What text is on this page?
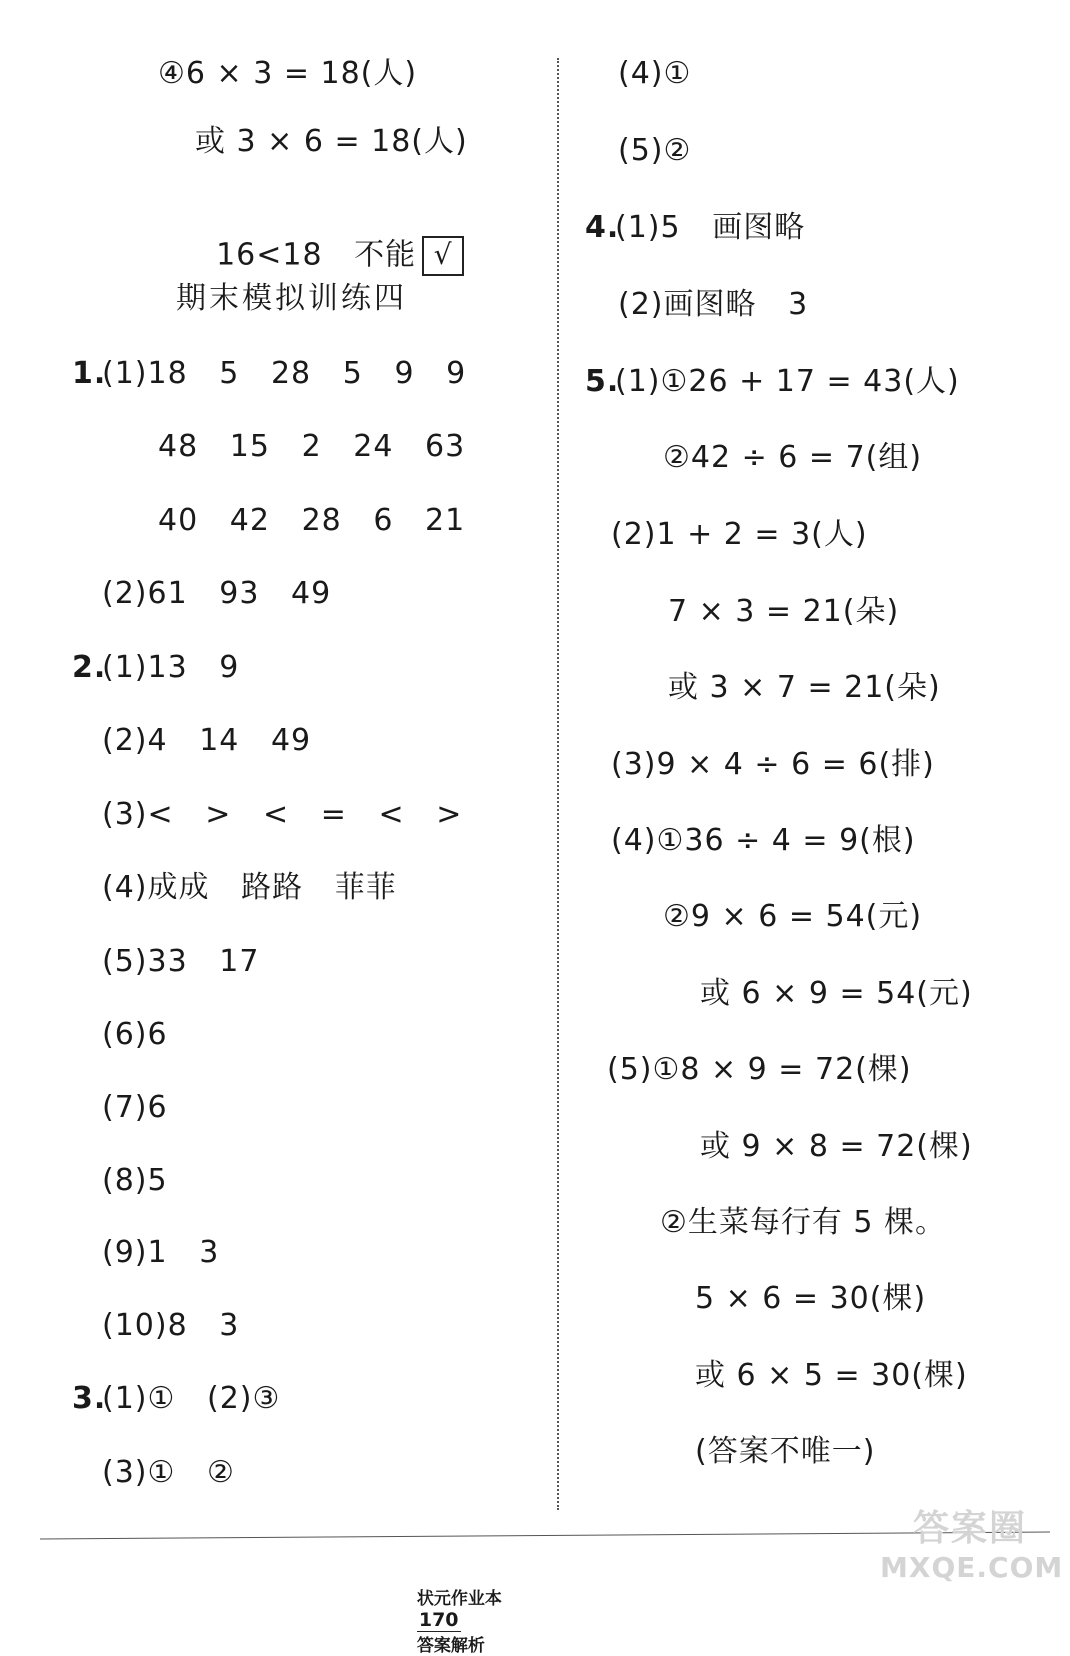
④6 × 3 = 18(人)
或 3 × 6 = 18(人)

16<18   不能 √

期末模拟训练四
1.
(1)18   5   28   5   9   9
48   15   2   24   63
40   42   28   6   21
(2)61   93   49
2.
(1)13   9
(2)4   14   49
(3)<   >   <   =   <   >
(4)成成   路路   菲菲
(5)33   17
(6)6
(7)6
(8)5
(9)1   3
(10)8   3
3.
(1)①   (2)③
(3)①   ②
(4)①
(5)②
4.
(1)5   画图略
(2)画图略   3
5.
(1)①26 + 17 = 43(人)
②42 ÷ 6 = 7(组)
(2)1 + 2 = 3(人)
7 × 3 = 21(朵)
或 3 × 7 = 21(朵)
(3)9 × 4 ÷ 6 = 6(排)
(4)①36 ÷ 4 = 9(根)
②9 × 6 = 54(元)
或 6 × 9 = 54(元)
(5)①8 × 9 = 72(棵)
或 9 × 8 = 72(棵)
②生菜每行有 5 棵。
5 × 6 = 30(棵)
或 6 × 5 = 30(棵)
(答案不唯一)

状元作业本
170
答案解析

答案圈
MXQE.COM
